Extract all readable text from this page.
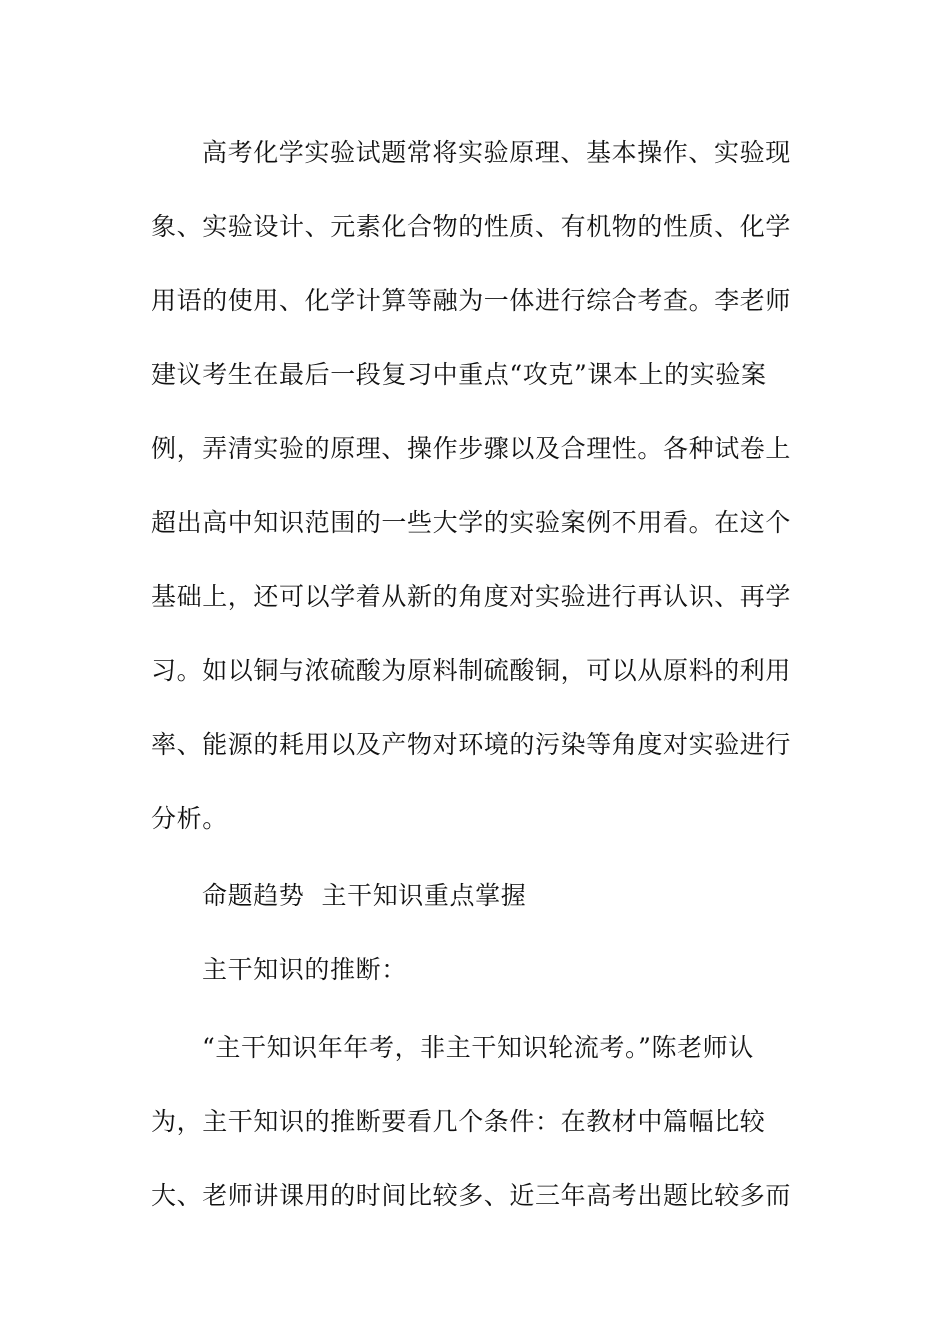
高考化学实验试题常将实验原理、基本操作、实验现
象、实验设计、元素化合物的性质、有机物的性质、化学
用语的使用、化学计算等融为一体进行综合考查。李老师
建议考生在最后一段复习中重点“攻克”课本上的实验案
例，弄清实验的原理、操作步骤以及合理性。各种试卷上
超出高中知识范围的一些大学的实验案例不用看。在这个
基础上，还可以学着从新的角度对实验进行再认识、再学
习。如以铜与浓硫酸为原料制硫酸铜，可以从原料的利用
率、能源的耗用以及产物对环境的污染等角度对实验进行
分析。
命题趋势  主干知识重点掌握
主干知识的推断：
“主干知识年年考，非主干知识轮流考。”陈老师认
为，主干知识的推断要看几个条件：在教材中篇幅比较
大、老师讲课用的时间比较多、近三年高考出题比较多而
